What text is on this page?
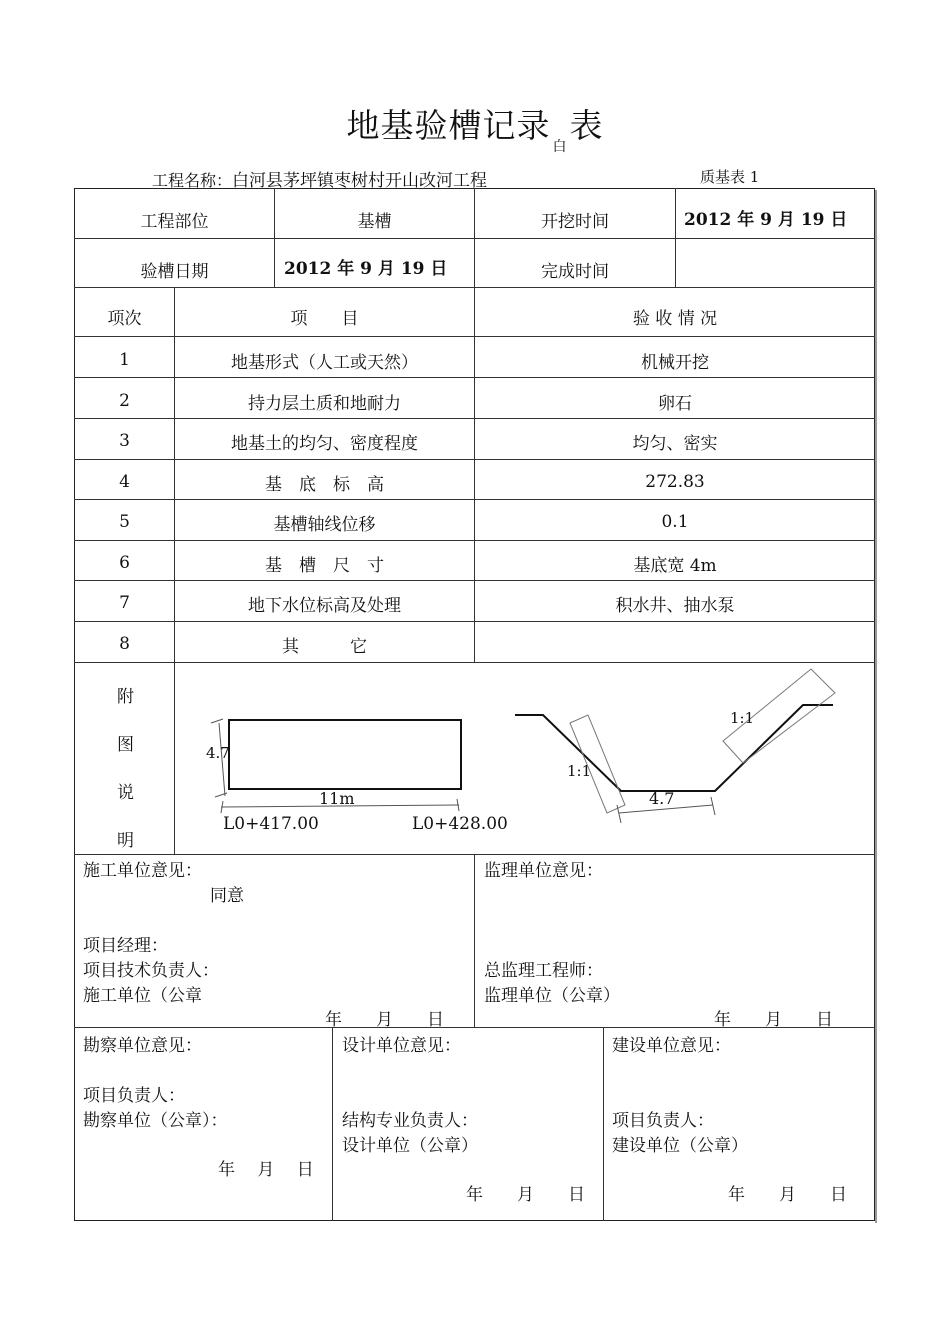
地基验槽记录$_白$表
工程名称：白河县茅坪镇枣树村开山改河工程	质基表 1
工程部位	基槽	开挖时间	2012 年 9 月 19 日
验槽日期	2012 年 9 月 19 日	完成时间
项次	项　　目	验 收 情 况
1	地基形式（人工或天然）	机械开挖
2	持力层土质和地耐力	卵石
3	地基土的均匀、密度程度	均匀、密实
4	基　底　标　高	272.83
5	基槽轴线位移	0.1
6	基　槽　尺　寸	基底宽 4m
7	地下水位标高及处理	积水井、抽水泵
8	其　　　它
附
图
说
明
4.7
11m
L0+417.00	L0+428.00
1:1
1:1
4.7
施工单位意见：
同意
项目经理：
项目技术负责人：
施工单位（公章
年　　月　　日
监理单位意见：
总监理工程师：
监理单位（公章）
年　　月　　日
勘察单位意见：
项目负责人：
勘察单位（公章）：
年　 月　 日
设计单位意见：
结构专业负责人：
设计单位（公章）
年　　月　　日
建设单位意见：
项目负责人：
建设单位（公章）
年　　月　　日
